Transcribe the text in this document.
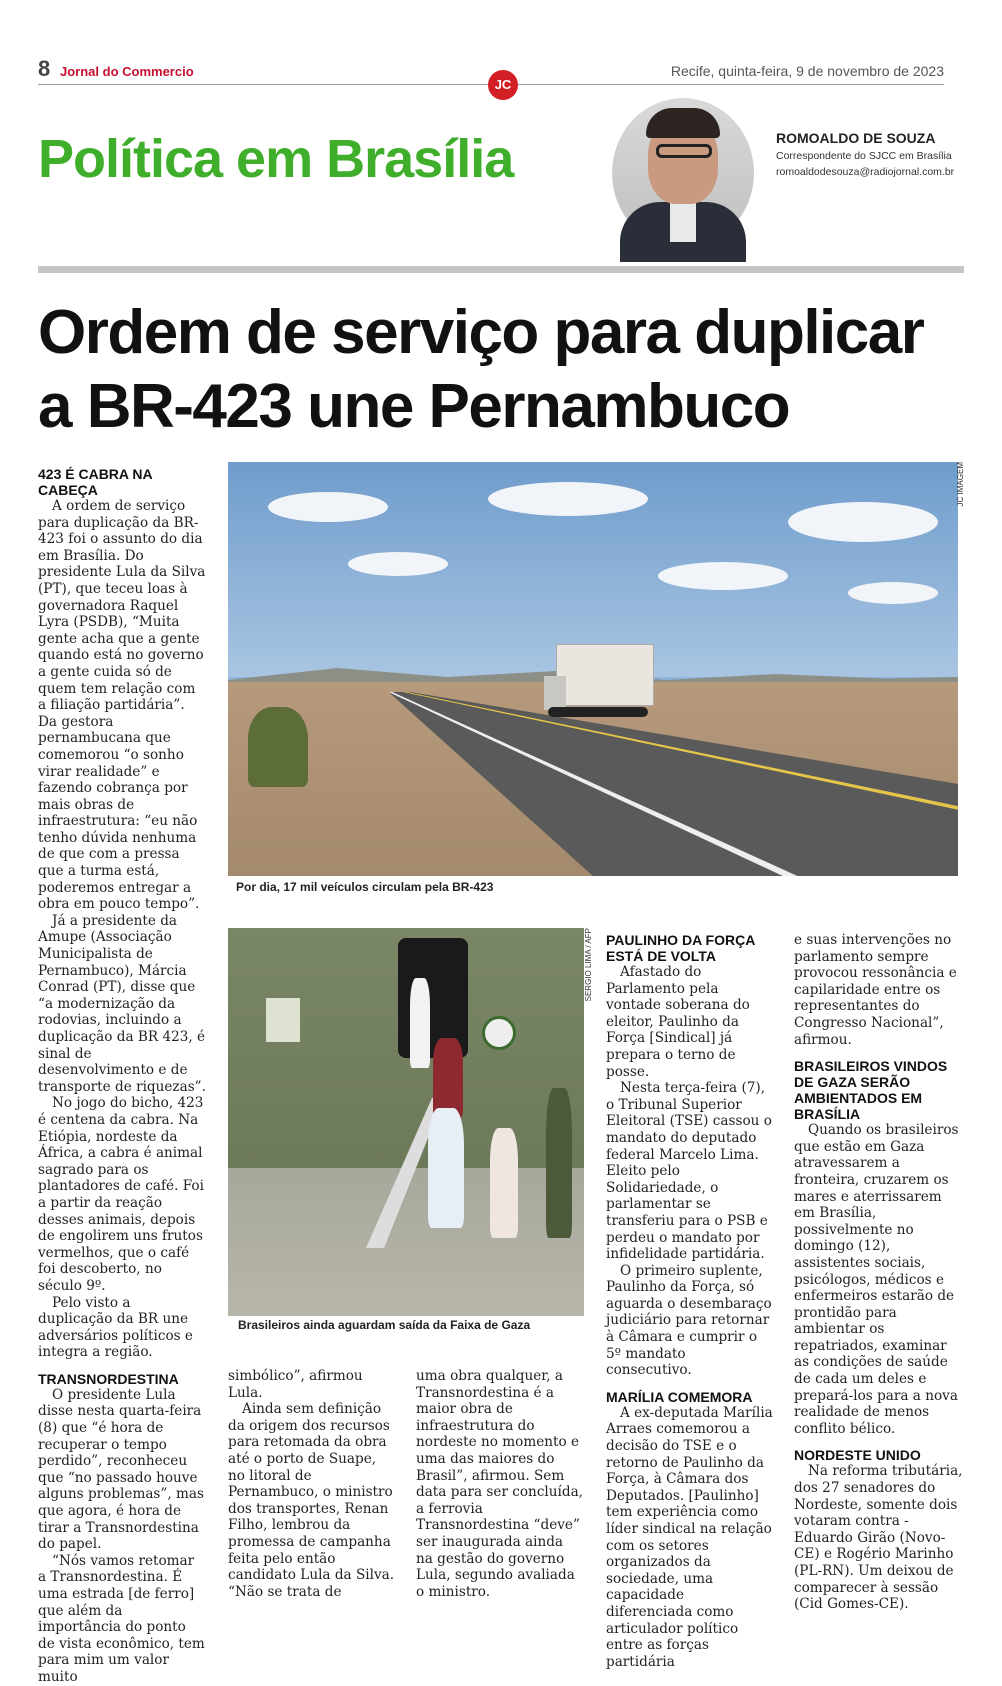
8 Jornal do Commercio	Recife, quinta-feira, 9 de novembro de 2023
JC
Política em Brasília	ROMOALDO DE SOUZA
Correspondente do SJCC em Brasília
romoaldodesouza@radiojornal.com.br
Ordem de serviço para duplicar
a BR-423 une Pernambuco
423 É CABRA NA CABEÇA

A ordem de serviço para duplicação da BR-423 foi o assunto do dia em Brasília. Do presidente Lula da Silva (PT), que teceu loas à governadora Raquel Lyra (PSDB), “Muita gente acha que a gente quando está no governo a gente cuida só de quem tem relação com a filiação partidária”. Da gestora pernambucana que comemorou “o sonho virar realidade” e fazendo cobrança por mais obras de infraestrutura: “eu não tenho dúvida nenhuma de que com a pressa que a turma está, poderemos entregar a obra em pouco tempo”.

Já a presidente da Amupe (Associação Municipalista de Pernambuco), Márcia Conrad (PT), disse que “a modernização da rodovias, incluindo a duplicação da BR 423, é sinal de desenvolvimento e de transporte de riquezas”.

No jogo do bicho, 423 é centena da cabra. Na Etiópia, nordeste da África, a cabra é animal sagrado para os plantadores de café. Foi a partir da reação desses animais, depois de engolirem uns frutos vermelhos, que o café foi descoberto, no século 9º.

Pelo visto a duplicação da BR une adversários políticos e integra a região.

TRANSNORDESTINA

O presidente Lula disse nesta quarta-feira (8) que “é hora de recuperar o tempo perdido”, reconheceu que “no passado houve alguns problemas”, mas que agora, é hora de tirar a Transnordestina do papel.

“Nós vamos retomar a Transnordestina. É uma estrada [de ferro] que além da importância do ponto de vista econômico, tem para mim um valor muito

JC IMAGEM
Por dia, 17 mil veículos circulam pela BR-423
SERGIO LIMA / AFP
Brasileiros ainda aguardam saída da Faixa de Gaza

simbólico”, afirmou Lula.

Ainda sem definição da origem dos recursos para retomada da obra até o porto de Suape, no litoral de Pernambuco, o ministro dos transportes, Renan Filho, lembrou da promessa de campanha feita pelo então candidato Lula da Silva. “Não se trata de

uma obra qualquer, a Transnordestina é a maior obra de infraestrutura do nordeste no momento e uma das maiores do Brasil”, afirmou. Sem data para ser concluída, a ferrovia Transnordestina “deve” ser inaugurada ainda na gestão do governo Lula, segundo avaliada o ministro.

PAULINHO DA FORÇA ESTÁ DE VOLTA

Afastado do Parlamento pela vontade soberana do eleitor, Paulinho da Força [Sindical] já prepara o terno de posse.

Nesta terça-feira (7), o Tribunal Superior Eleitoral (TSE) cassou o mandato do deputado federal Marcelo Lima. Eleito pelo Solidariedade, o parlamentar se transferiu para o PSB e perdeu o mandato por infidelidade partidária.

O primeiro suplente, Paulinho da Força, só aguarda o desembaraço judiciário para retornar à Câmara e cumprir o 5º mandato consecutivo.

MARÍLIA COMEMORA

A ex-deputada Marília Arraes comemorou a decisão do TSE e o retorno de Paulinho da Força, à Câmara dos Deputados. [Paulinho] tem experiência como líder sindical na relação com os setores organizados da sociedade, uma capacidade diferenciada como articulador político entre as forças partidária

e suas intervenções no parlamento sempre provocou ressonância e capilaridade entre os representantes do Congresso Nacional”, afirmou.

BRASILEIROS VINDOS DE GAZA SERÃO AMBIENTADOS EM BRASÍLIA

Quando os brasileiros que estão em Gaza atravessarem a fronteira, cruzarem os mares e aterrissarem em Brasília, possivelmente no domingo (12), assistentes sociais, psicólogos, médicos e enfermeiros estarão de prontidão para ambientar os repatriados, examinar as condições de saúde de cada um deles e prepará-los para a nova realidade de menos conflito bélico.

NORDESTE UNIDO

Na reforma tributária, dos 27 senadores do Nordeste, somente dois votaram contra - Eduardo Girão (Novo-CE) e Rogério Marinho (PL-RN). Um deixou de comparecer à sessão (Cid Gomes-CE).
